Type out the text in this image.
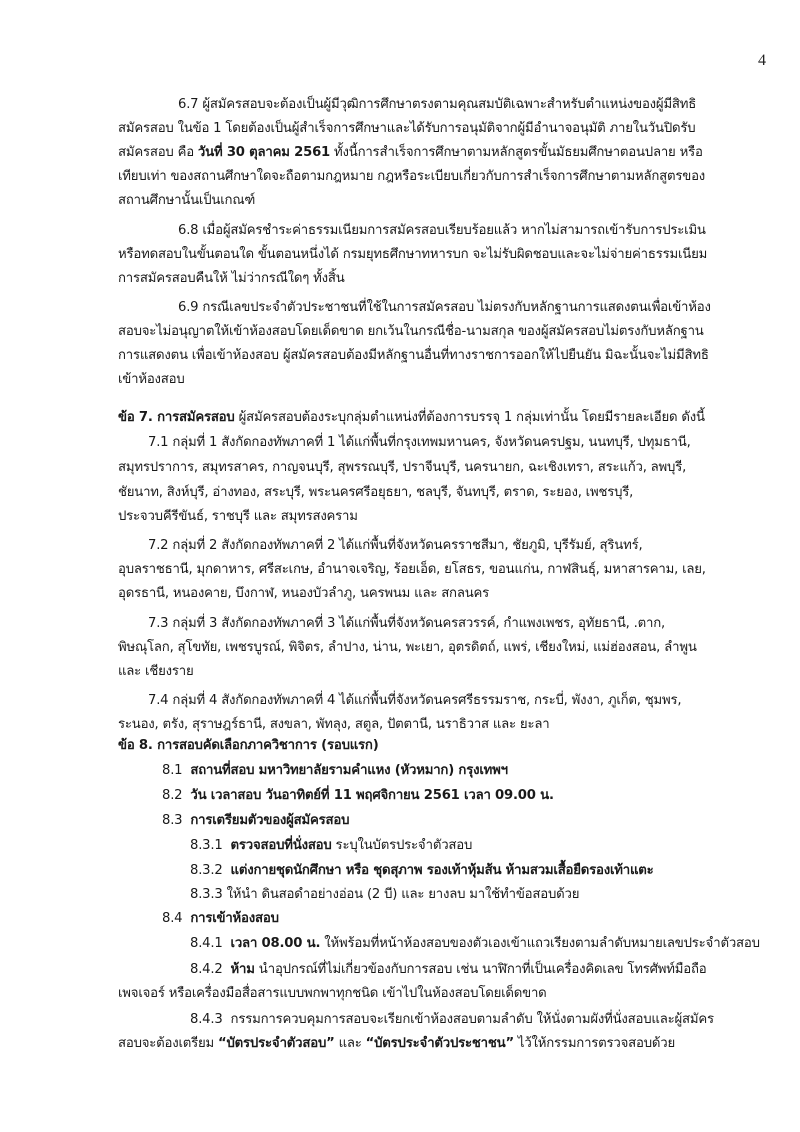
4
6.7 ผู้สมัครสอบจะต้องเป็นผู้มีวุฒิการศึกษาตรงตามคุณสมบัติเฉพาะสำหรับตำแหน่งของผู้มีสิทธิ
สมัครสอบ ในข้อ 1 โดยต้องเป็นผู้สำเร็จการศึกษาและได้รับการอนุมัติจากผู้มีอำนาจอนุมัติ ภายในวันปิดรับ
สมัครสอบ คือ วันที่ 30 ตุลาคม 2561 ทั้งนี้การสำเร็จการศึกษาตามหลักสูตรขั้นมัธยมศึกษาตอนปลาย หรือ
เทียบเท่า ของสถานศึกษาใดจะถือตามกฎหมาย กฎหรือระเบียบเกี่ยวกับการสำเร็จการศึกษาตามหลักสูตรของ
สถานศึกษานั้นเป็นเกณฑ์
6.8 เมื่อผู้สมัครชำระค่าธรรมเนียมการสมัครสอบเรียบร้อยแล้ว หากไม่สามารถเข้ารับการประเมิน
หรือทดสอบในขั้นตอนใด ขั้นตอนหนึ่งได้ กรมยุทธศึกษาทหารบก จะไม่รับผิดชอบและจะไม่จ่ายค่าธรรมเนียม
การสมัครสอบคืนให้ ไม่ว่ากรณีใดๆ ทั้งสิ้น
6.9 กรณีเลขประจำตัวประชาชนที่ใช้ในการสมัครสอบ ไม่ตรงกับหลักฐานการแสดงตนเพื่อเข้าห้อง
สอบจะไม่อนุญาตให้เข้าห้องสอบโดยเด็ดขาด ยกเว้นในกรณีชื่อ-นามสกุล ของผู้สมัครสอบไม่ตรงกับหลักฐาน
การแสดงตน เพื่อเข้าห้องสอบ ผู้สมัครสอบต้องมีหลักฐานอื่นที่ทางราชการออกให้ไปยืนยัน มิฉะนั้นจะไม่มีสิทธิ
เข้าห้องสอบ
ข้อ 7. การสมัครสอบ ผู้สมัครสอบต้องระบุกลุ่มตำแหน่งที่ต้องการบรรจุ 1 กลุ่มเท่านั้น โดยมีรายละเอียด ดังนี้
7.1 กลุ่มที่ 1 สังกัดกองทัพภาคที่ 1 ได้แก่พื้นที่กรุงเทพมหานคร, จังหวัดนครปฐม, นนทบุรี, ปทุมธานี,
สมุทรปราการ, สมุทรสาคร, กาญจนบุรี, สุพรรณบุรี, ปราจีนบุรี, นครนายก, ฉะเชิงเทรา, สระแก้ว, ลพบุรี,
ชัยนาท, สิงห์บุรี, อ่างทอง, สระบุรี, พระนครศรีอยุธยา, ชลบุรี, จันทบุรี, ตราด, ระยอง, เพชรบุรี,
ประจวบคีรีขันธ์, ราชบุรี และ สมุทรสงคราม
7.2 กลุ่มที่ 2 สังกัดกองทัพภาคที่ 2 ได้แก่พื้นที่จังหวัดนครราชสีมา, ชัยภูมิ, บุรีรัมย์, สุรินทร์,
อุบลราชธานี, มุกดาหาร, ศรีสะเกษ, อำนาจเจริญ, ร้อยเอ็ด, ยโสธร, ขอนแก่น, กาฬสินธุ์, มหาสารคาม, เลย,
อุดรธานี, หนองคาย, บึงกาฬ, หนองบัวลำภู, นครพนม และ สกลนคร
7.3 กลุ่มที่ 3 สังกัดกองทัพภาคที่ 3 ได้แก่พื้นที่จังหวัดนครสวรรค์, กำแพงเพชร, อุทัยธานี, .ตาก,
พิษณุโลก, สุโขทัย, เพชรบูรณ์, พิจิตร, ลำปาง, น่าน, พะเยา, อุตรดิตถ์, แพร่, เชียงใหม่, แม่ฮ่องสอน, ลำพูน
และ เชียงราย
7.4 กลุ่มที่ 4 สังกัดกองทัพภาคที่ 4 ได้แก่พื้นที่จังหวัดนครศรีธรรมราช, กระบี่, พังงา, ภูเก็ต, ชุมพร,
ระนอง, ตรัง, สุราษฎร์ธานี, สงขลา, พัทลุง, สตูล, ปัตตานี, นราธิวาส และ ยะลา
ข้อ 8. การสอบคัดเลือกภาควิชาการ (รอบแรก)
8.1 สถานที่สอบ มหาวิทยาลัยรามคำแหง (หัวหมาก) กรุงเทพฯ
8.2 วัน เวลาสอบ วันอาทิตย์ที่ 11 พฤศจิกายน 2561 เวลา 09.00 น.
8.3 การเตรียมตัวของผู้สมัครสอบ
8.3.1 ตรวจสอบที่นั่งสอบ ระบุในบัตรประจำตัวสอบ
8.3.2 แต่งกายชุดนักศึกษา หรือ ชุดสุภาพ รองเท้าหุ้มส้น ห้ามสวมเสื้อยืดรองเท้าแตะ
8.3.3 ให้นำ ดินสอดำอย่างอ่อน (2 บี) และ ยางลบ มาใช้ทำข้อสอบด้วย
8.4 การเข้าห้องสอบ
8.4.1 เวลา 08.00 น. ให้พร้อมที่หน้าห้องสอบของตัวเองเข้าแถวเรียงตามลำดับหมายเลขประจำตัวสอบ
8.4.2 ห้าม นำอุปกรณ์ที่ไม่เกี่ยวข้องกับการสอบ เช่น นาฬิกาที่เป็นเครื่องคิดเลข โทรศัพท์มือถือ
เพจเจอร์ หรือเครื่องมือสื่อสารแบบพกพาทุกชนิด เข้าไปในห้องสอบโดยเด็ดขาด
8.4.3 กรรมการควบคุมการสอบจะเรียกเข้าห้องสอบตามลำดับ ให้นั่งตามผังที่นั่งสอบและผู้สมัคร
สอบจะต้องเตรียม “บัตรประจำตัวสอบ” และ “บัตรประจำตัวประชาชน” ไว้ให้กรรมการตรวจสอบด้วย
